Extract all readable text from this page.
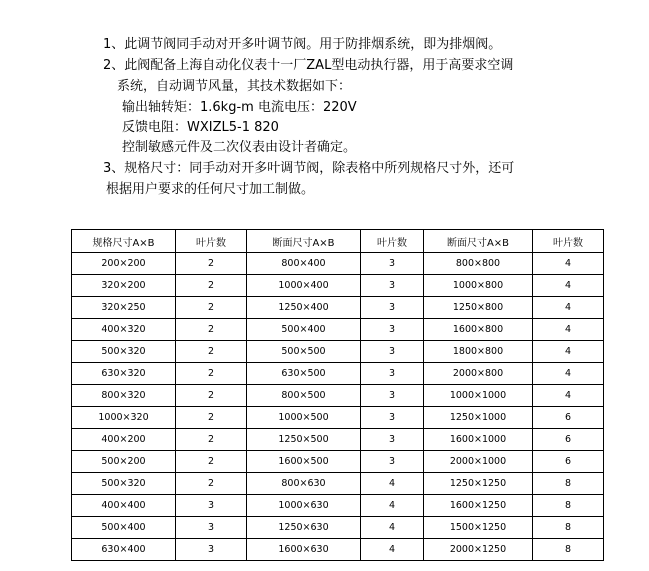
1、此调节阀同手动对开多叶调节阀。用于防排烟系统，即为排烟阀。
2、此阀配备上海自动化仪表十一厂ZAL型电动执行器，用于高要求空调
系统，自动调节风量，其技术数据如下：
输出轴转矩：1.6kg-m 电流电压：220V
反馈电阻：WXIZL5-1 820
控制敏感元件及二次仪表由设计者确定。
3、规格尺寸：同手动对开多叶调节阀，除表格中所列规格尺寸外，还可
根据用户要求的任何尺寸加工制做。
规格尺寸A×B	叶片数	断面尺寸A×B	叶片数	断面尺寸A×B	叶片数
200×200	2	800×400	3	800×800	4
320×200	2	1000×400	3	1000×800	4
320×250	2	1250×400	3	1250×800	4
400×320	2	500×400	3	1600×800	4
500×320	2	500×500	3	1800×800	4
630×320	2	630×500	3	2000×800	4
800×320	2	800×500	3	1000×1000	4
1000×320	2	1000×500	3	1250×1000	6
400×200	2	1250×500	3	1600×1000	6
500×200	2	1600×500	3	2000×1000	6
500×320	2	800×630	4	1250×1250	8
400×400	3	1000×630	4	1600×1250	8
500×400	3	1250×630	4	1500×1250	8
630×400	3	1600×630	4	2000×1250	8
